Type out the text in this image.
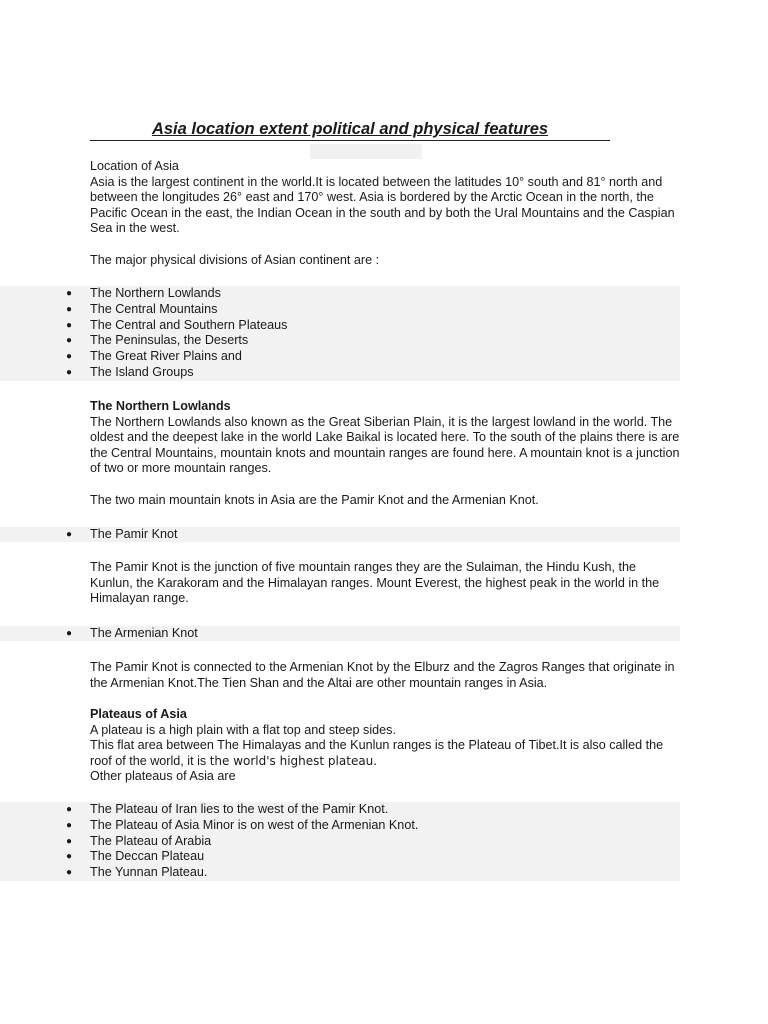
Asia location extent political and physical features
Location of Asia
Asia is the largest continent in the world.It is located between the latitudes 10° south and 81° north and between the longitudes 26° east and 170° west. Asia is bordered by the Arctic Ocean in the north, the Pacific Ocean in the east, the Indian Ocean in the south and by both the Ural Mountains and the Caspian Sea in the west.
The major physical divisions of Asian continent are :
● The Northern Lowlands
● The Central Mountains
● The Central and Southern Plateaus
● The Peninsulas, the Deserts
● The Great River Plains and
● The Island Groups
The Northern Lowlands
The Northern Lowlands also known as the Great Siberian Plain, it is the largest lowland in the world. The oldest and the deepest lake in the world Lake Baikal is located here. To the south of the plains there is are the Central Mountains, mountain knots and mountain ranges are found here. A mountain knot is a junction of two or more mountain ranges.
The two main mountain knots in Asia are the Pamir Knot and the Armenian Knot.
● The Pamir Knot
The Pamir Knot is the junction of five mountain ranges they are the Sulaiman, the Hindu Kush, the Kunlun, the Karakoram and the Himalayan ranges. Mount Everest, the highest peak in the world in the Himalayan range.
● The Armenian Knot
The Pamir Knot is connected to the Armenian Knot by the Elburz and the Zagros Ranges that originate in the Armenian Knot.The Tien Shan and the Altai are other mountain ranges in Asia.
Plateaus of Asia
A plateau is a high plain with a flat top and steep sides.
This flat area between The Himalayas and the Kunlun ranges is the Plateau of Tibet.It is also called the roof of the world, it is the world's highest plateau.
Other plateaus of Asia are
● The Plateau of Iran lies to the west of the Pamir Knot.
● The Plateau of Asia Minor is on west of the Armenian Knot.
● The Plateau of Arabia
● The Deccan Plateau
● The Yunnan Plateau.
